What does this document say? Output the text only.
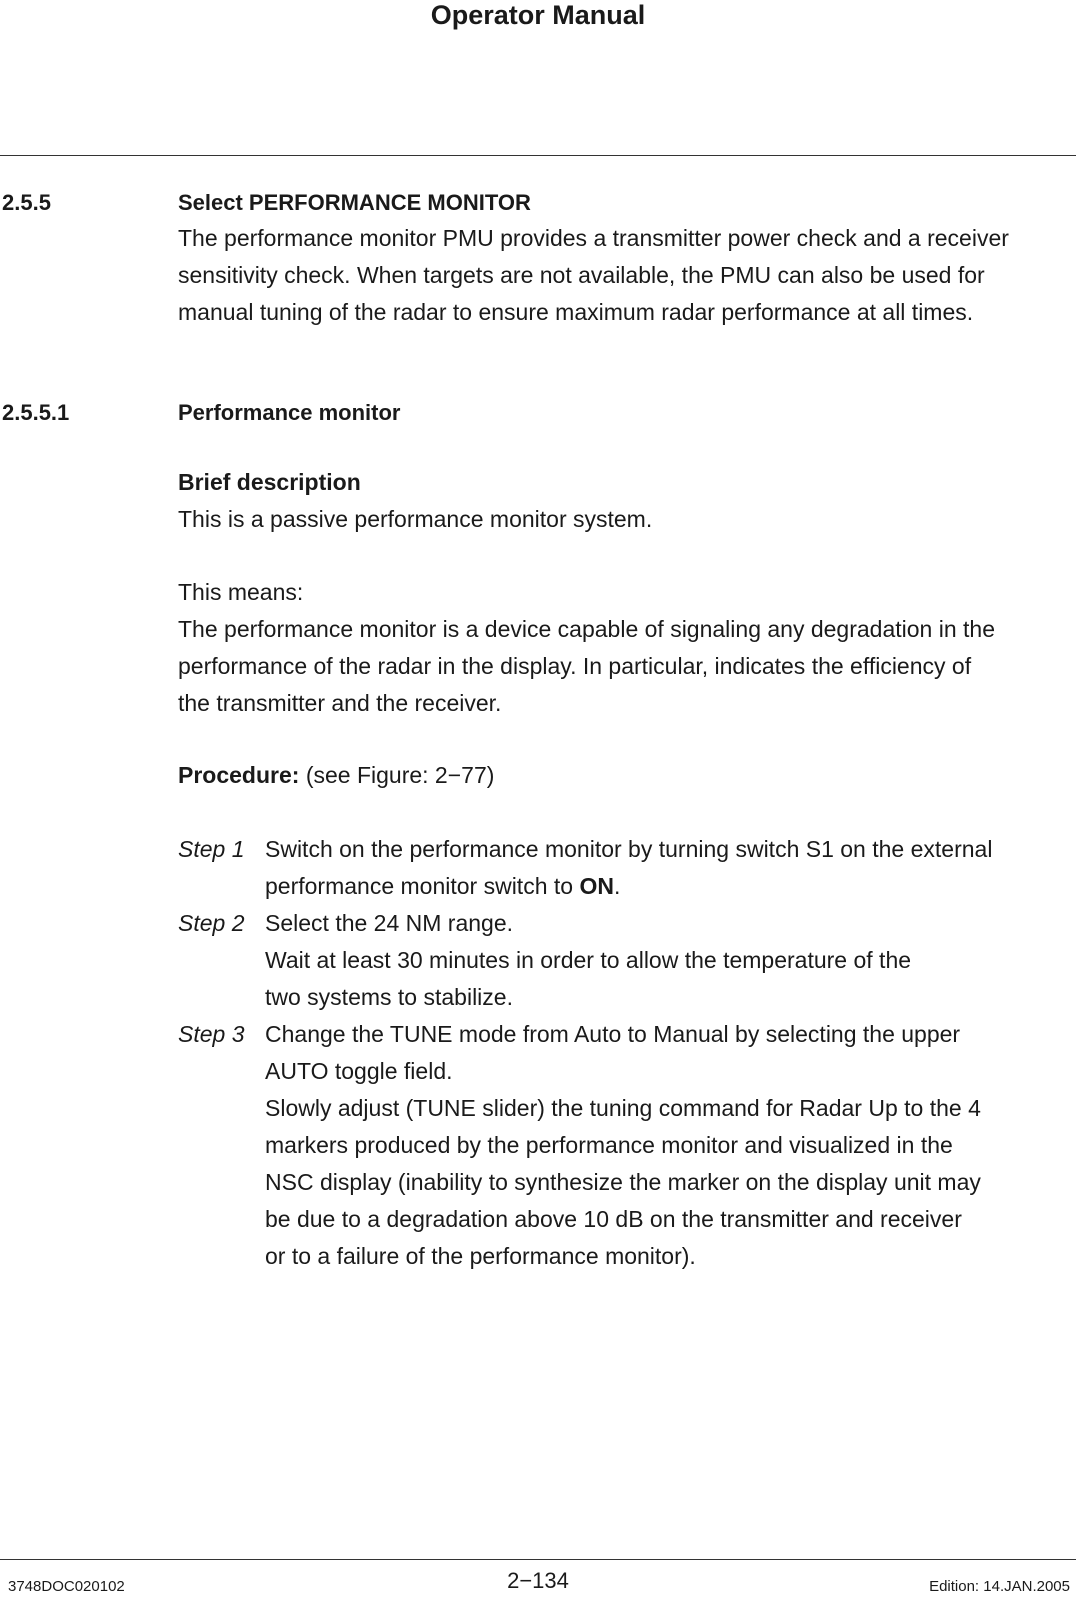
Operator Manual
2.5.5	Select PERFORMANCE MONITOR
The performance monitor PMU provides a transmitter power check and a receiver
sensitivity check. When targets are not available, the PMU can also be used for
manual tuning of the radar to ensure maximum radar performance at all times.
2.5.5.1	Performance monitor
Brief description
This is a passive performance monitor system.
This means:
The performance monitor is a device capable of signaling any degradation in the
performance of the radar in the display. In particular, indicates the efficiency of
the transmitter and the receiver.
Procedure: (see Figure: 2−77)
Step 1 Switch on the performance monitor by turning switch S1 on the external
performance monitor switch to ON.
Step 2 Select the 24 NM range.
Wait at least 30 minutes in order to allow the temperature of the
two systems to stabilize.
Step 3 Change the TUNE mode from Auto to Manual by selecting the upper
AUTO toggle field.
Slowly adjust (TUNE slider) the tuning command for Radar Up to the 4
markers produced by the performance monitor and visualized in the
NSC display (inability to synthesize the marker on the display unit may
be due to a degradation above 10 dB on the transmitter and receiver
or to a failure of the performance monitor).
3748DOC020102	2−134	Edition: 14.JAN.2005
